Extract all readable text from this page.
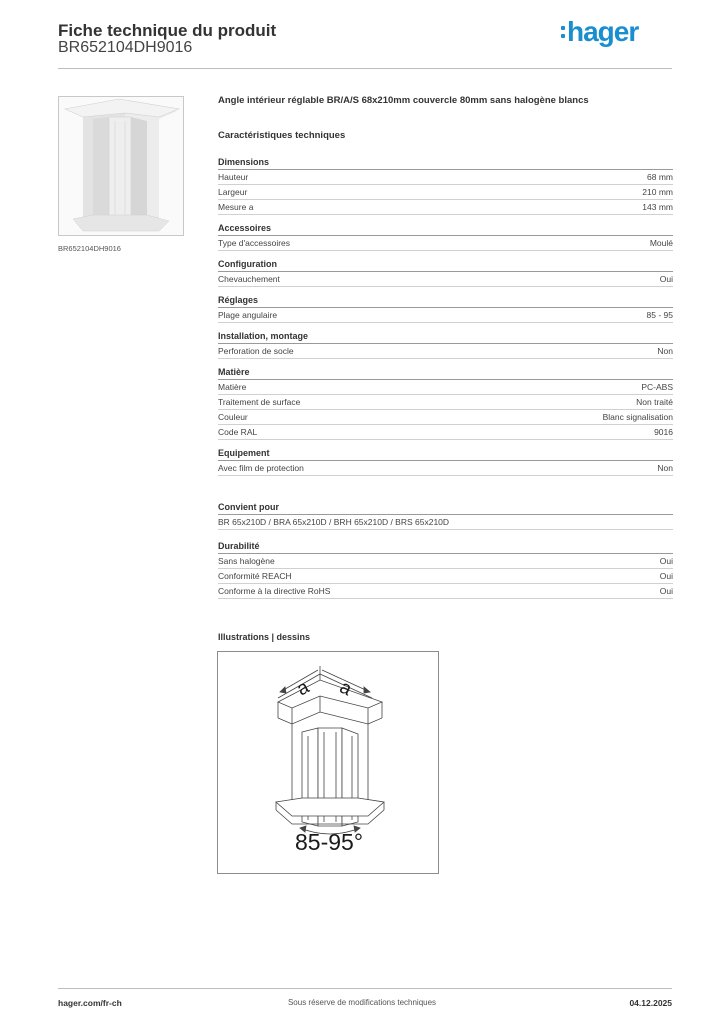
Fiche technique du produit
BR652104DH9016
hager
BR652104DH9016
Angle intérieur réglable BR/A/S 68x210mm couvercle 80mm sans halogène blancs
Caractéristiques techniques
Dimensions
Hauteur	68 mm
Largeur	210 mm
Mesure a	143 mm
Accessoires
Type d'accessoires	Moulé
Configuration
Chevauchement	Oui
Réglages
Plage angulaire	85 - 95
Installation, montage
Perforation de socle	Non
Matière
Matière	PC-ABS
Traitement de surface	Non traité
Couleur	Blanc signalisation
Code RAL	9016
Equipement
Avec film de protection	Non
Convient pour
BR 65x210D / BRA 65x210D / BRH 65x210D / BRS 65x210D
Durabilité
Sans halogène	Oui
Conformité REACH	Oui
Conforme à la directive RoHS	Oui
Illustrations | dessins
a a
85-95°
Sous réserve de modifications techniques
hager.com/fr-ch	04.12.2025
